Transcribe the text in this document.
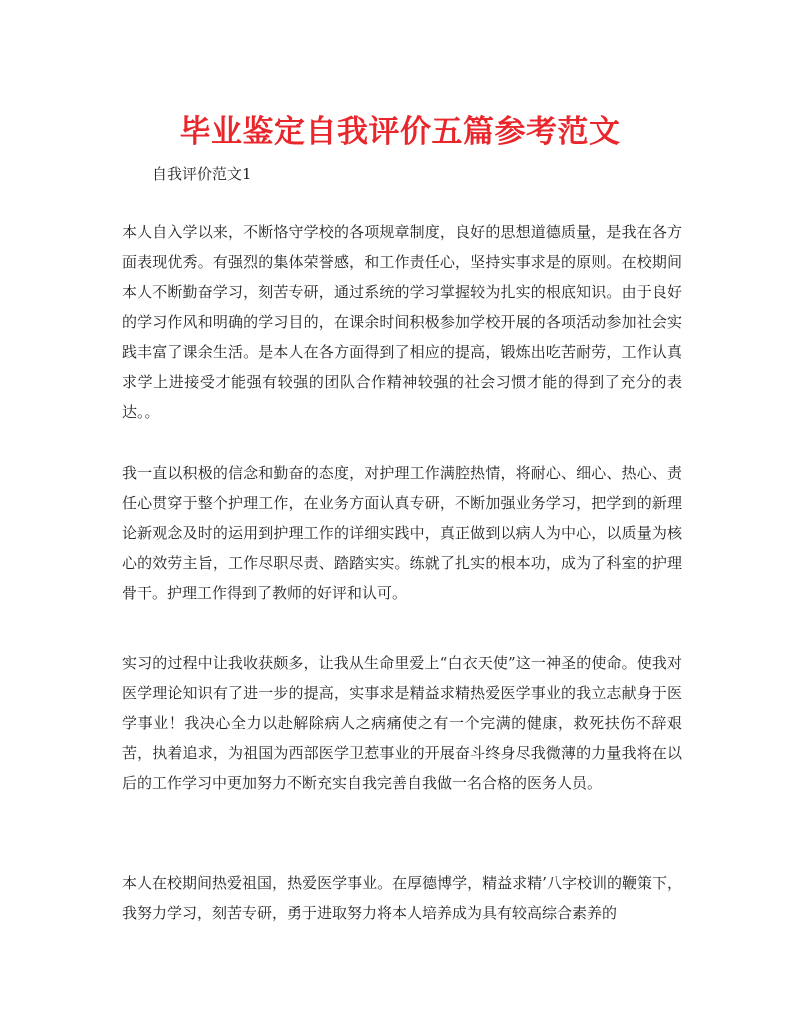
毕业鉴定自我评价五篇参考范文

自我评价范文1

本人自入学以来，不断恪守学校的各项规章制度，良好的思想道德质量，是我在各方面表现优秀。有强烈的集体荣誉感，和工作责任心，坚持实事求是的原则。在校期间本人不断勤奋学习，刻苦专研，通过系统的学习掌握较为扎实的根底知识。由于良好的学习作风和明确的学习目的，在课余时间积极参加学校开展的各项活动参加社会实践丰富了课余生活。是本人在各方面得到了相应的提高，锻炼出吃苦耐劳，工作认真求学上进接受才能强有较强的团队合作精神较强的社会习惯才能的得到了充分的表达。。

我一直以积极的信念和勤奋的态度，对护理工作满腔热情，将耐心、细心、热心、责任心贯穿于整个护理工作，在业务方面认真专研，不断加强业务学习，把学到的新理论新观念及时的运用到护理工作的详细实践中，真正做到以病人为中心，以质量为核心的效劳主旨，工作尽职尽责、踏踏实实。练就了扎实的根本功，成为了科室的护理骨干。护理工作得到了教师的好评和认可。

实习的过程中让我收获颇多，让我从生命里爱上“白衣天使”这一神圣的使命。使我对医学理论知识有了进一步的提高，实事求是精益求精热爱医学事业的我立志献身于医学事业！我决心全力以赴解除病人之病痛使之有一个完满的健康，救死扶伤不辞艰苦，执着追求，为祖国为西部医学卫惹事业的开展奋斗终身尽我微薄的力量我将在以后的工作学习中更加努力不断充实自我完善自我做一名合格的医务人员。

本人在校期间热爱祖国，热爱医学事业。在厚德博学，精益求精’八字校训的鞭策下，我努力学习，刻苦专研，勇于进取努力将本人培养成为具有较高综合素养的
